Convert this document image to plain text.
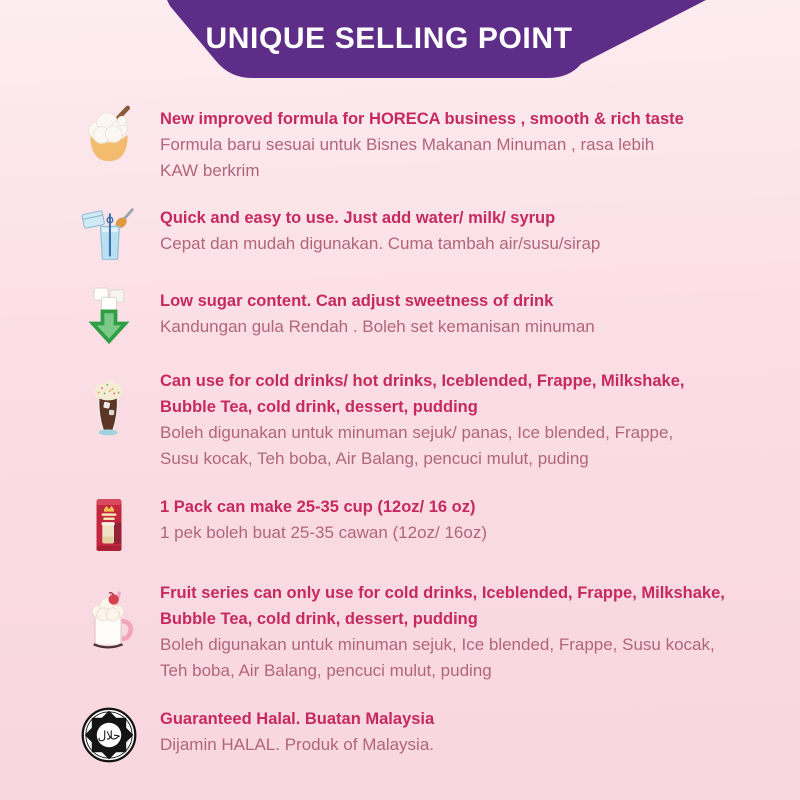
UNIQUE SELLING POINT
New improved formula for HORECA business , smooth & rich taste
Formula baru sesuai untuk Bisnes Makanan Minuman , rasa lebih
KAW berkrim
Quick and easy to use. Just add water/ milk/ syrup
Cepat dan mudah digunakan. Cuma tambah air/susu/sirap
Low sugar content. Can adjust sweetness of drink
Kandungan gula Rendah . Boleh set kemanisan minuman
Can use for cold drinks/ hot drinks, Iceblended, Frappe, Milkshake,
Bubble Tea, cold drink, dessert, pudding
Boleh digunakan untuk minuman sejuk/ panas, Ice blended, Frappe,
Susu kocak, Teh boba, Air Balang, pencuci mulut, puding
1 Pack can make 25-35 cup (12oz/ 16 oz)
1 pek boleh buat 25-35 cawan (12oz/ 16oz)
Fruit series can only use for cold drinks, Iceblended, Frappe, Milkshake,
Bubble Tea, cold drink, dessert, pudding
Boleh digunakan untuk minuman sejuk, Ice blended, Frappe, Susu kocak,
Teh boba, Air Balang, pencuci mulut, puding
حلال
Guaranteed Halal. Buatan Malaysia
Dijamin HALAL. Produk of Malaysia.
